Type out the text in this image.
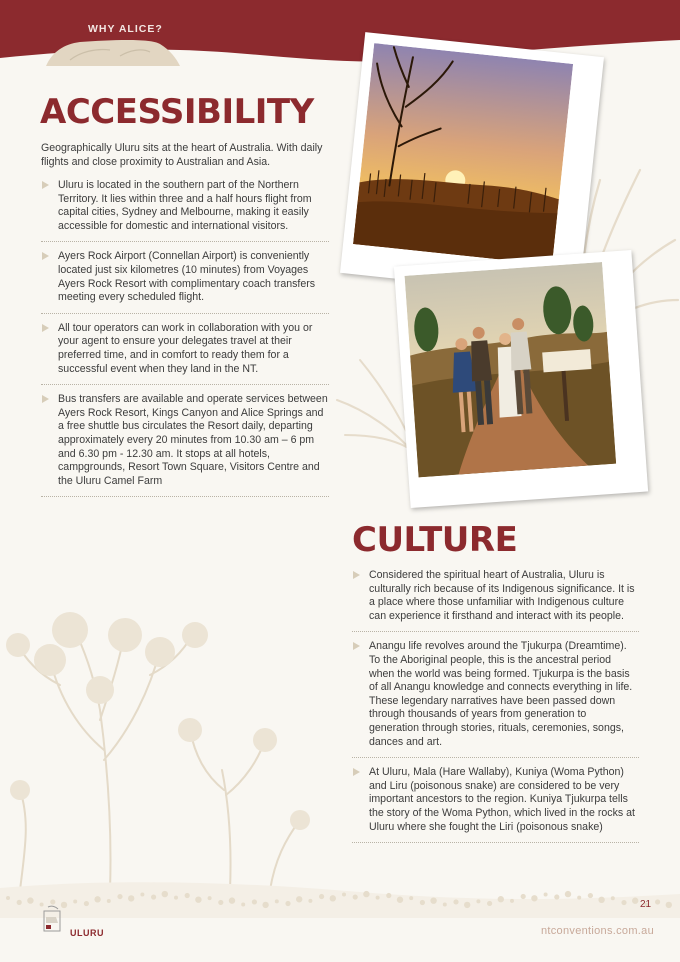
WHY ALICE?
ACCESSIBILITY

Geographically Uluru sits at the heart of Australia. With daily flights and close proximity to Australian and Asia.

Uluru is located in the southern part of the Northern Territory. It lies within three and a half hours flight from capital cities, Sydney and Melbourne, making it easily accessible for domestic and international visitors.
Ayers Rock Airport (Connellan Airport) is conveniently located just six kilometres (10 minutes) from Voyages Ayers Rock Resort with complimentary coach transfers meeting every scheduled flight.
All tour operators can work in collaboration with you or your agent to ensure your delegates travel at their preferred time, and in comfort to ready them for a successful event when they land in the NT.
Bus transfers are available and operate services between Ayers Rock Resort, Kings Canyon and Alice Springs and a free shuttle bus circulates the Resort daily, departing approximately every 20 minutes from 10.30 am – 6 pm and 6.30 pm - 12.30 am. It stops at all hotels, campgrounds, Resort Town Square, Visitors Centre and the Uluru Camel Farm
CULTURE
Considered the spiritual heart of Australia, Uluru is culturally rich because of its Indigenous significance. It is a place where those unfamiliar with Indigenous culture can experience it firsthand and interact with its people.
Anangu life revolves around the Tjukurpa (Dreamtime). To the Aboriginal people, this is the ancestral period when the world was being formed. Tjukurpa is the basis of all Anangu knowledge and connects everything in life. These legendary narratives have been passed down through thousands of years from generation to generation through stories, rituals, ceremonies, songs, dances and art.
At Uluru, Mala (Hare Wallaby), Kuniya (Woma Python) and Liru (poisonous snake) are considered to be very important ancestors to the region. Kuniya Tjukurpa tells the story of the Woma Python, which lived in the rocks at Uluru where she fought the Liri (poisonous snake)
21
ULURU	ntconventions.com.au
